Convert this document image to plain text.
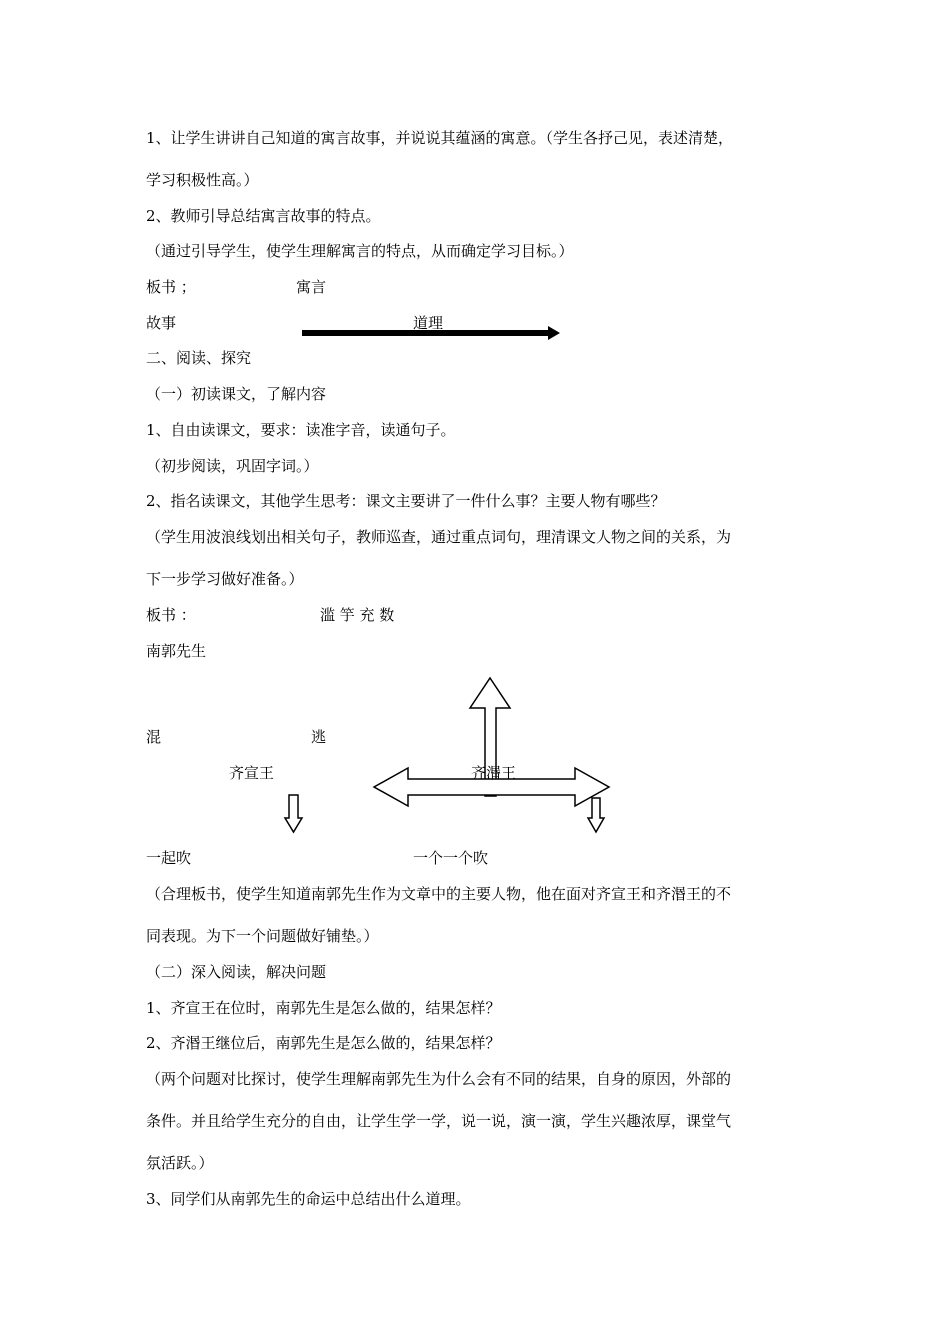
1、让学生讲讲自己知道的寓言故事，并说说其蕴涵的寓意。（学生各抒己见，表述清楚，
学习积极性高。）
2、教师引导总结寓言故事的特点。
（通过引导学生，使学生理解寓言的特点，从而确定学习目标。）
板书 ；	寓言
故事	道理
二、阅读、探究
（一）初读课文，了解内容
1、自由读课文，要求：读准字音，读通句子。
（初步阅读，巩固字词。）
2、指名读课文，其他学生思考：课文主要讲了一件什么事？主要人物有哪些？
（学生用波浪线划出相关句子，教师巡查，通过重点词句，理清课文人物之间的关系，为
下一步学习做好准备。）
板书 ：	滥 竽 充 数
南郭先生
混	逃
齐宣王	齐湣王
一起吹	一个一个吹
（合理板书，使学生知道南郭先生作为文章中的主要人物，他在面对齐宣王和齐湣王的不
同表现。为下一个问题做好铺垫。）
（二）深入阅读，解决问题
1、齐宣王在位时，南郭先生是怎么做的，结果怎样？
2、齐湣王继位后，南郭先生是怎么做的，结果怎样？
（两个问题对比探讨，使学生理解南郭先生为什么会有不同的结果，自身的原因，外部的
条件。并且给学生充分的自由，让学生学一学，说一说，演一演，学生兴趣浓厚，课堂气
氛活跃。）
3、同学们从南郭先生的命运中总结出什么道理。
